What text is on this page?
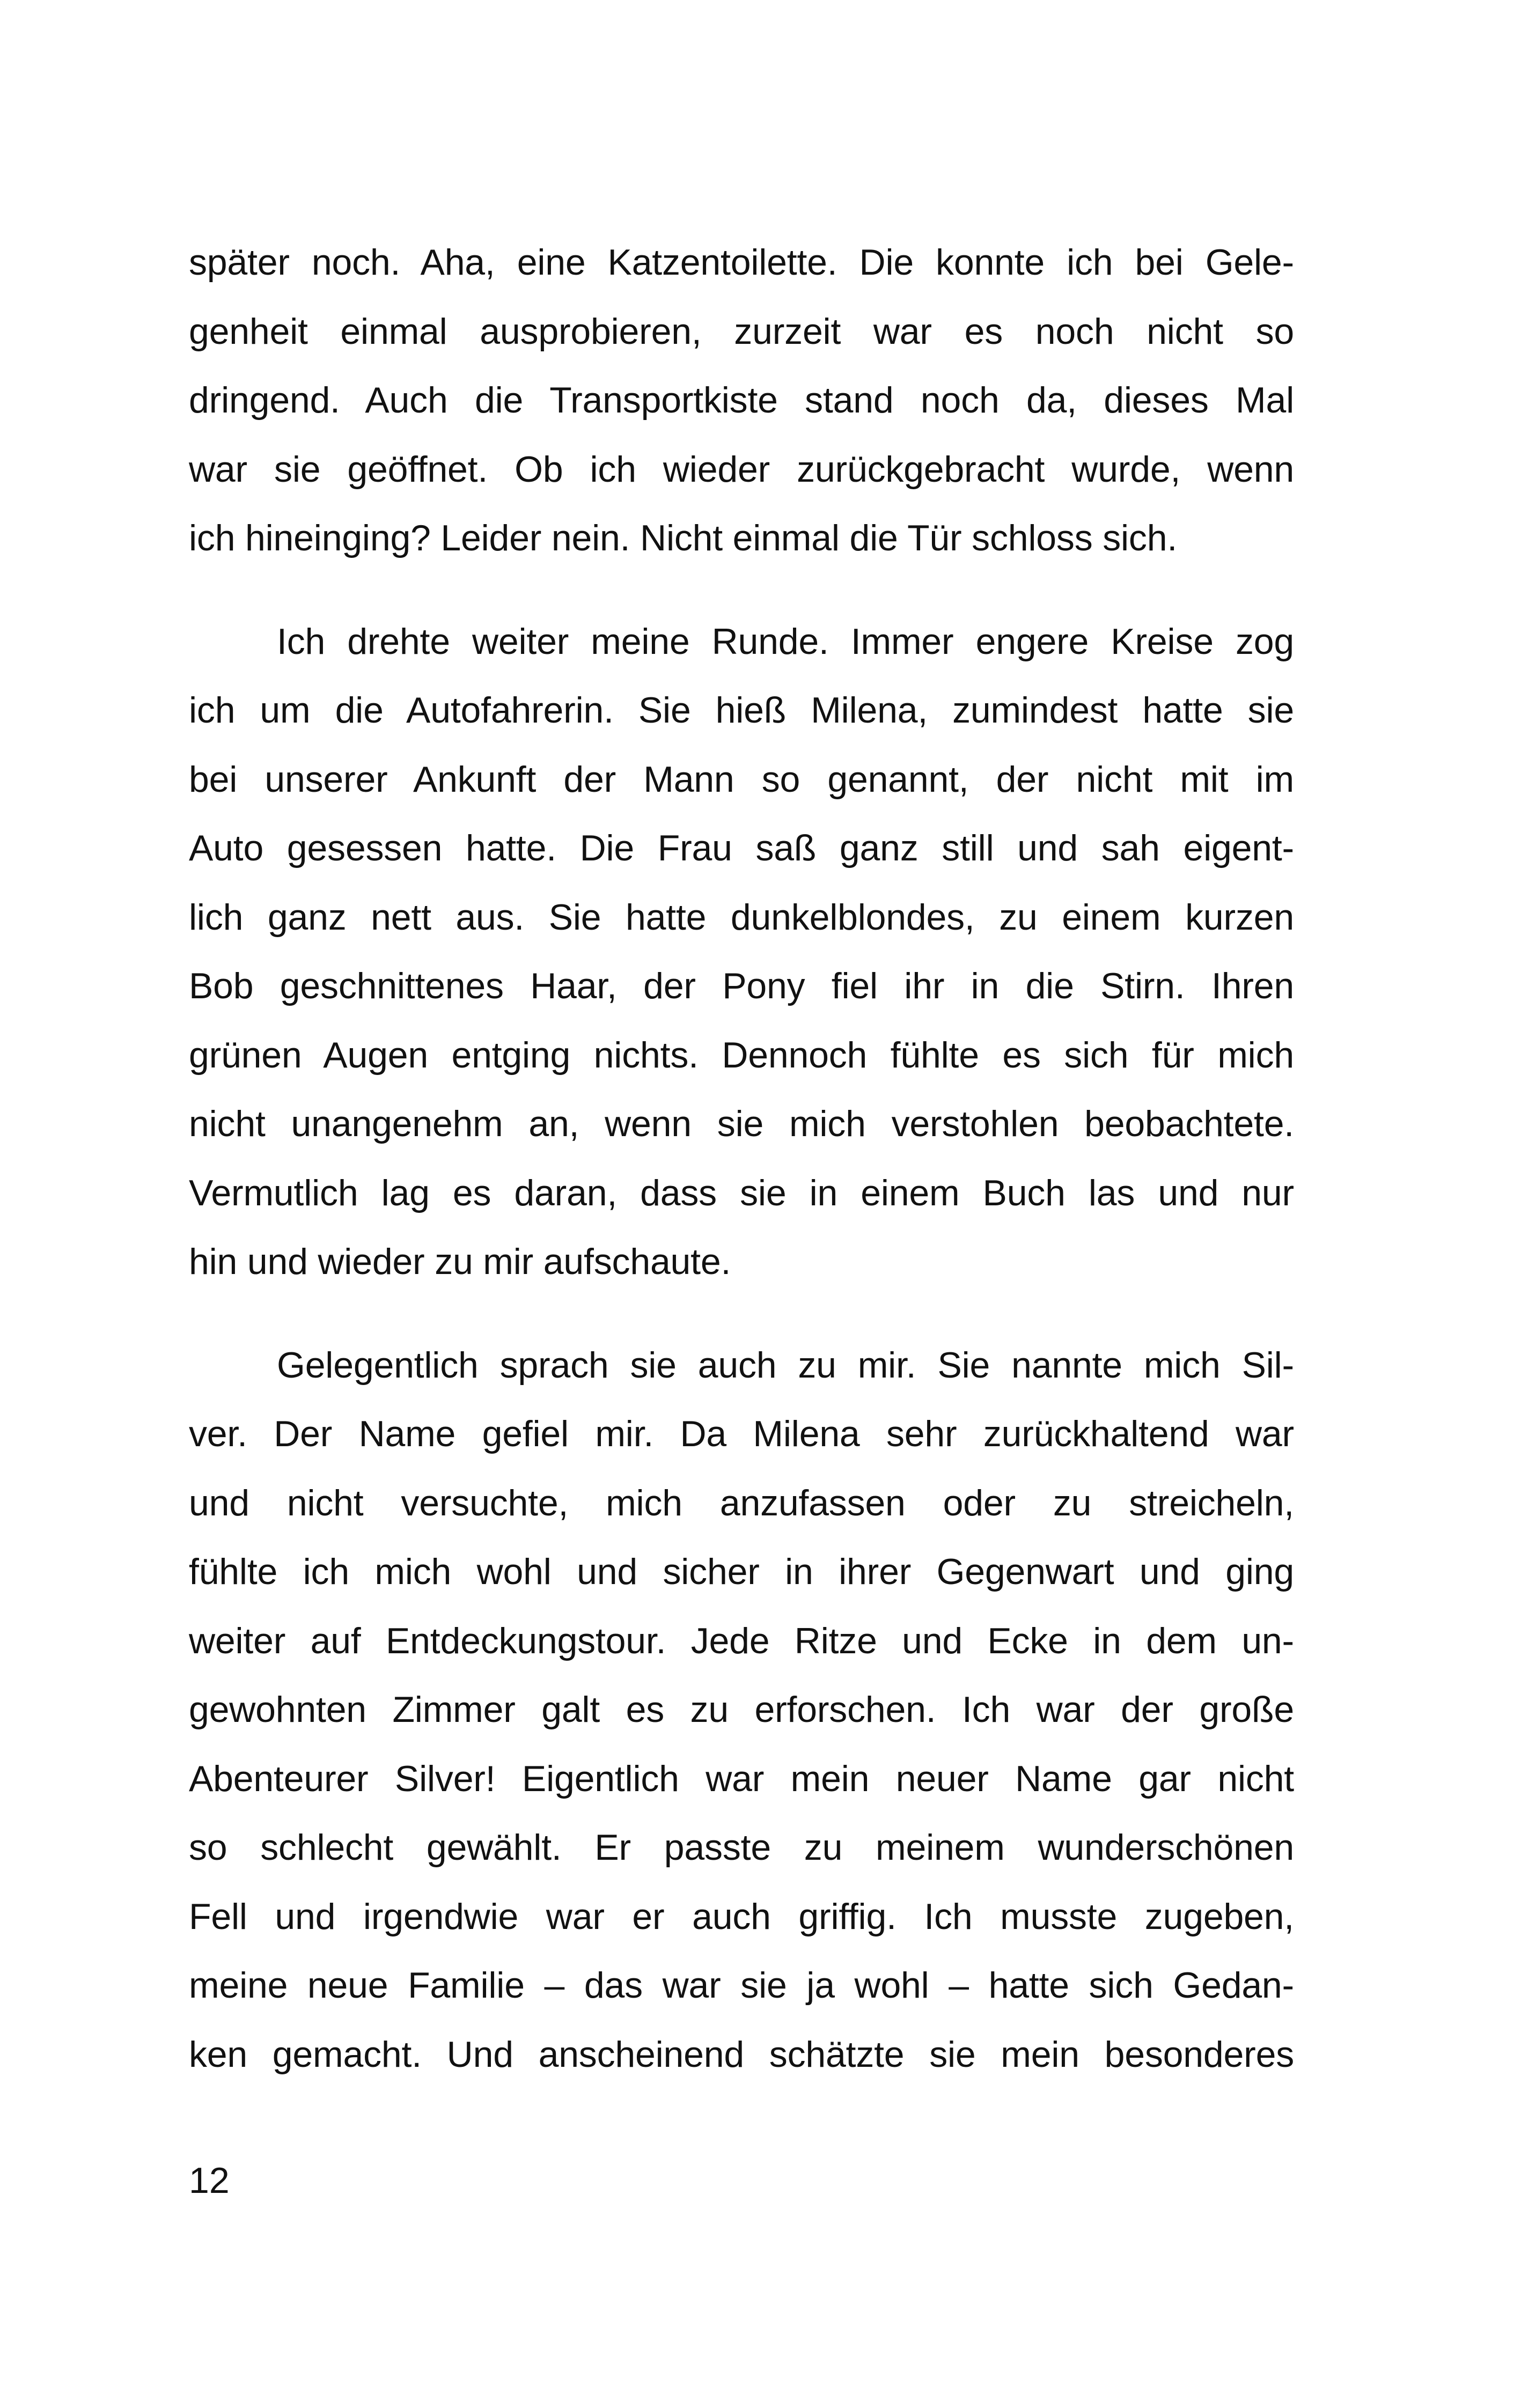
später noch. Aha, eine Katzentoilette. Die konnte ich bei Gele-
genheit einmal ausprobieren, zurzeit war es noch nicht so
dringend. Auch die Transportkiste stand noch da, dieses Mal
war sie geöffnet. Ob ich wieder zurückgebracht wurde, wenn
ich hineinging? Leider nein. Nicht einmal die Tür schloss sich.
Ich drehte weiter meine Runde. Immer engere Kreise zog
ich um die Autofahrerin. Sie hieß Milena, zumindest hatte sie
bei unserer Ankunft der Mann so genannt, der nicht mit im
Auto gesessen hatte. Die Frau saß ganz still und sah eigent-
lich ganz nett aus. Sie hatte dunkelblondes, zu einem kurzen
Bob geschnittenes Haar, der Pony fiel ihr in die Stirn. Ihren
grünen Augen entging nichts. Dennoch fühlte es sich für mich
nicht unangenehm an, wenn sie mich verstohlen beobachtete.
Vermutlich lag es daran, dass sie in einem Buch las und nur
hin und wieder zu mir aufschaute.
Gelegentlich sprach sie auch zu mir. Sie nannte mich Sil-
ver. Der Name gefiel mir. Da Milena sehr zurückhaltend war
und nicht versuchte, mich anzufassen oder zu streicheln,
fühlte ich mich wohl und sicher in ihrer Gegenwart und ging
weiter auf Entdeckungstour. Jede Ritze und Ecke in dem un-
gewohnten Zimmer galt es zu erforschen. Ich war der große
Abenteurer Silver! Eigentlich war mein neuer Name gar nicht
so schlecht gewählt. Er passte zu meinem wunderschönen
Fell und irgendwie war er auch griffig. Ich musste zugeben,
meine neue Familie – das war sie ja wohl – hatte sich Gedan-
ken gemacht. Und anscheinend schätzte sie mein besonderes
12
